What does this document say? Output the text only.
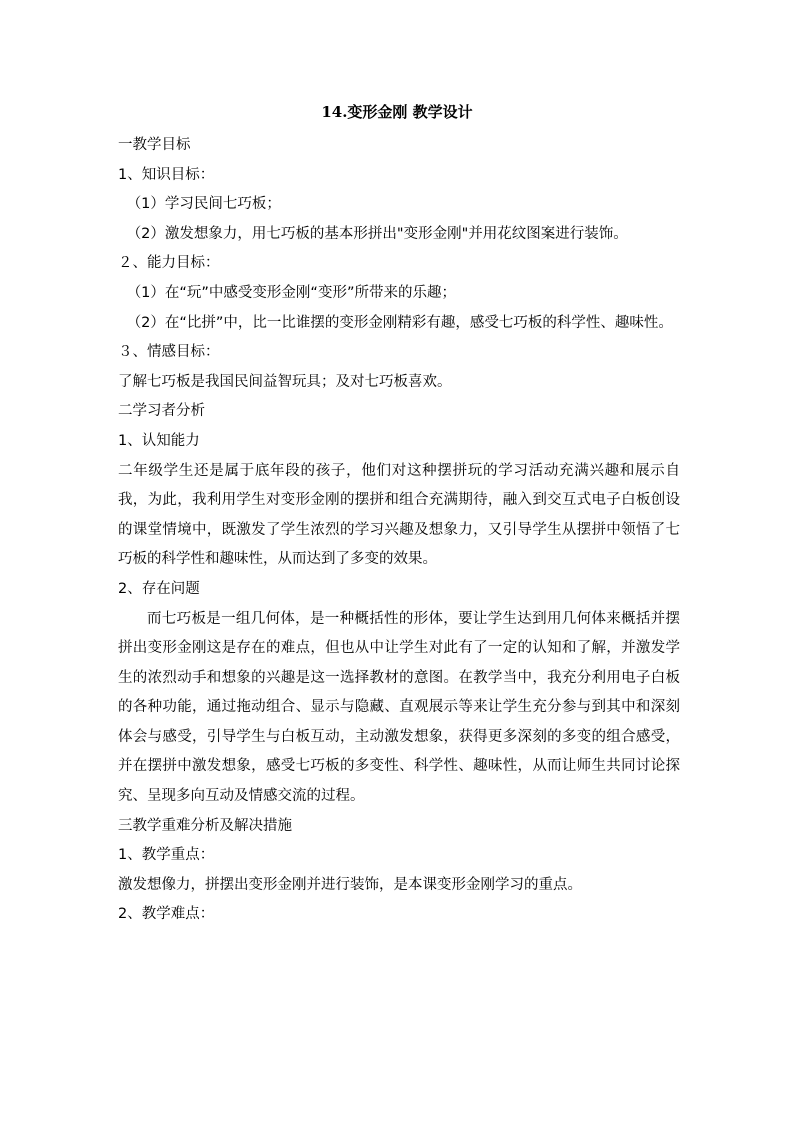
14.变形金刚 教学设计
一教学目标
1、知识目标：
（1）学习民间七巧板；
（2）激发想象力，用七巧板的基本形拼出"变形金刚"并用花纹图案进行装饰。
２、能力目标：
（1）在“玩”中感受变形金刚“变形”所带来的乐趣；
（2）在“比拼”中，比一比谁摆的变形金刚精彩有趣，感受七巧板的科学性、趣味性。
３、情感目标：
了解七巧板是我国民间益智玩具；及对七巧板喜欢。
二学习者分析
1、认知能力
二年级学生还是属于底年段的孩子，他们对这种摆拼玩的学习活动充满兴趣和展示自我，为此，我利用学生对变形金刚的摆拼和组合充满期待，融入到交互式电子白板创设的课堂情境中，既激发了学生浓烈的学习兴趣及想象力，又引导学生从摆拼中领悟了七巧板的科学性和趣味性，从而达到了多变的效果。
2、存在问题
而七巧板是一组几何体，是一种概括性的形体，要让学生达到用几何体来概括并摆拼出变形金刚这是存在的难点，但也从中让学生对此有了一定的认知和了解，并激发学生的浓烈动手和想象的兴趣是这一选择教材的意图。在教学当中，我充分利用电子白板的各种功能，通过拖动组合、显示与隐藏、直观展示等来让学生充分参与到其中和深刻体会与感受，引导学生与白板互动，主动激发想象，获得更多深刻的多变的组合感受，并在摆拼中激发想象，感受七巧板的多变性、科学性、趣味性，从而让师生共同讨论探究、呈现多向互动及情感交流的过程。
三教学重难分析及解决措施
1、教学重点：
激发想像力，拼摆出变形金刚并进行装饰，是本课变形金刚学习的重点。
2、教学难点：
